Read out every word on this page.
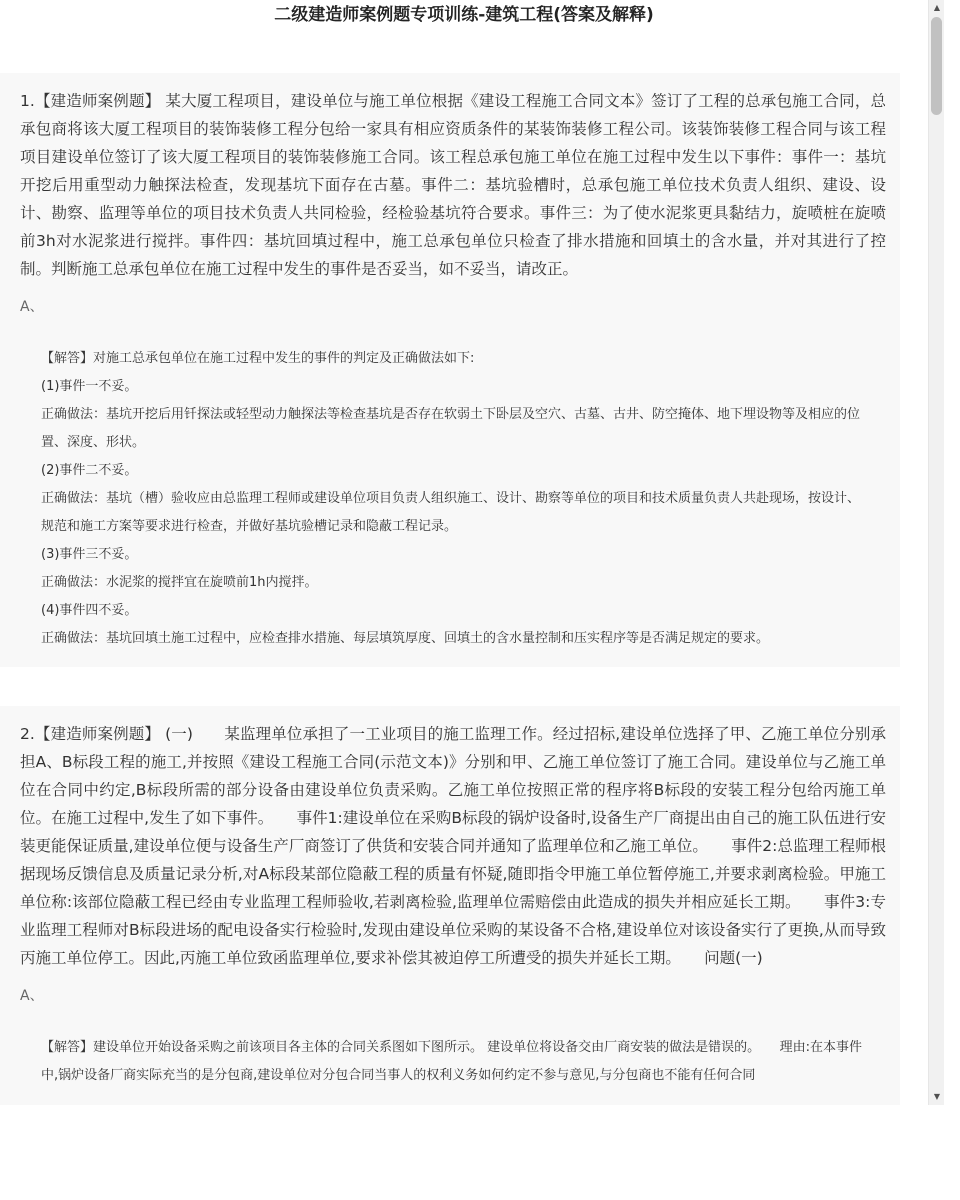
二级建造师案例题专项训练-建筑工程(答案及解释)

1.【建造师案例题】 某大厦工程项目，建设单位与施工单位根据《建设工程施工合同文本》签订了工程的总承包施工合同，总承包商将该大厦工程项目的装饰装修工程分包给一家具有相应资质条件的某装饰装修工程公司。该装饰装修工程合同与该工程项目建设单位签订了该大厦工程项目的装饰装修施工合同。该工程总承包施工单位在施工过程中发生以下事件：事件一：基坑开挖后用重型动力触探法检查，发现基坑下面存在古墓。事件二：基坑验槽时，总承包施工单位技术负责人组织、建设、设计、勘察、监理等单位的项目技术负责人共同检验，经检验基坑符合要求。事件三：为了使水泥浆更具黏结力，旋喷桩在旋喷前3h对水泥浆进行搅拌。事件四：基坑回填过程中，施工总承包单位只检查了排水措施和回填土的含水量，并对其进行了控制。判断施工总承包单位在施工过程中发生的事件是否妥当，如不妥当，请改正。

A、

【解答】对施工总承包单位在施工过程中发生的事件的判定及正确做法如下:

(1)事件一不妥。

正确做法：基坑开挖后用钎探法或轻型动力触探法等检查基坑是否存在软弱土下卧层及空穴、古墓、古井、防空掩体、地下埋设物等及相应的位置、深度、形状。

(2)事件二不妥。

正确做法：基坑（槽）验收应由总监理工程师或建设单位项目负责人组织施工、设计、勘察等单位的项目和技术质量负责人共赴现场，按设计、规范和施工方案等要求进行检查，并做好基坑验槽记录和隐蔽工程记录。

(3)事件三不妥。

正确做法：水泥浆的搅拌宜在旋喷前1h内搅拌。

(4)事件四不妥。

正确做法：基坑回填土施工过程中，应检查排水措施、每层填筑厚度、回填土的含水量控制和压实程序等是否满足规定的要求。

2.【建造师案例题】 (一)　　某监理单位承担了一工业项目的施工监理工作。经过招标,建设单位选择了甲、乙施工单位分别承担A、B标段工程的施工,并按照《建设工程施工合同(示范文本)》分别和甲、乙施工单位签订了施工合同。建设单位与乙施工单位在合同中约定,B标段所需的部分设备由建设单位负责采购。乙施工单位按照正常的程序将B标段的安装工程分包给丙施工单位。在施工过程中,发生了如下事件。　　事件1:建设单位在采购B标段的锅炉设备时,设备生产厂商提出由自己的施工队伍进行安装更能保证质量,建设单位便与设备生产厂商签订了供货和安装合同并通知了监理单位和乙施工单位。　　事件2:总监理工程师根据现场反馈信息及质量记录分析,对A标段某部位隐蔽工程的质量有怀疑,随即指令甲施工单位暂停施工,并要求剥离检验。甲施工单位称:该部位隐蔽工程已经由专业监理工程师验收,若剥离检验,监理单位需赔偿由此造成的损失并相应延长工期。　　事件3:专业监理工程师对B标段进场的配电设备实行检验时,发现由建设单位采购的某设备不合格,建设单位对该设备实行了更换,从而导致丙施工单位停工。因此,丙施工单位致函监理单位,要求补偿其被迫停工所遭受的损失并延长工期。　　问题(一)

A、

【解答】建设单位开始设备采购之前该项目各主体的合同关系图如下图所示。 建设单位将设备交由厂商安装的做法是错误的。　　理由:在本事件中,锅炉设备厂商实际充当的是分包商,建设单位对分包合同当事人的权利义务如何约定不参与意见,与分包商也不能有任何合同

▲
▼
